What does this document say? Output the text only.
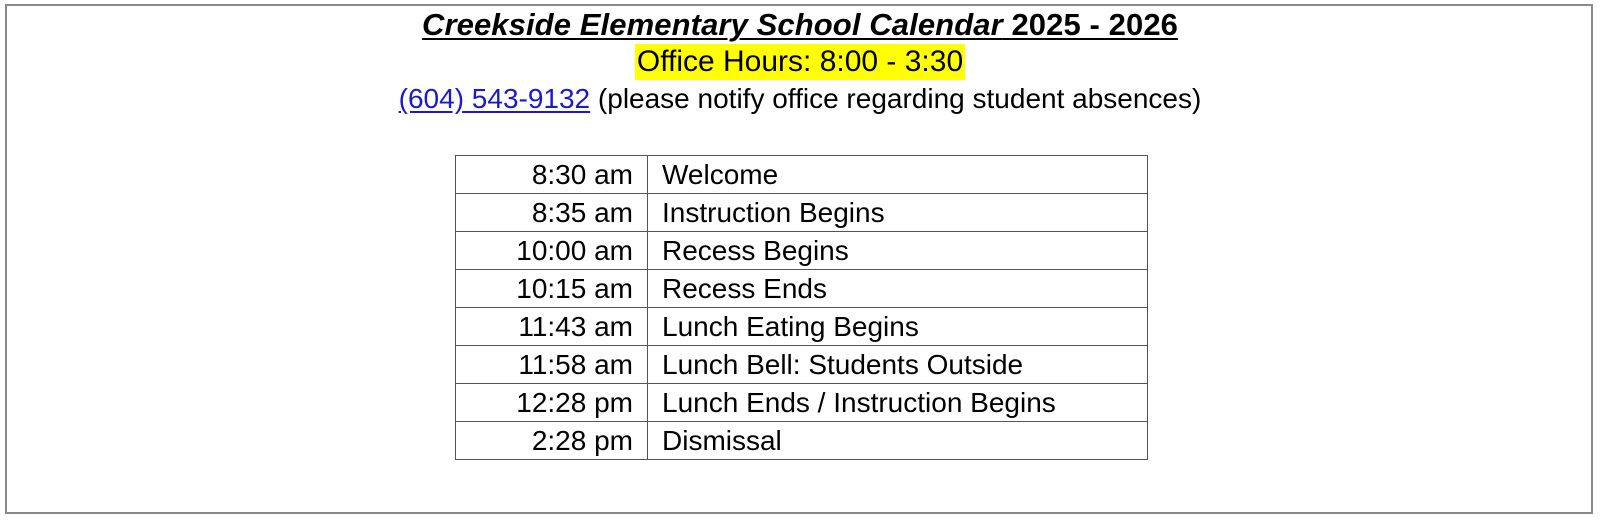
Creekside Elementary School Calendar 2025 - 2026
Office Hours: 8:00 - 3:30
(604) 543-9132 (please notify office regarding student absences)
8:30 am	Welcome
8:35 am	Instruction Begins
10:00 am	Recess Begins
10:15 am	Recess Ends
11:43 am	Lunch Eating Begins
11:58 am	Lunch Bell: Students Outside
12:28 pm	Lunch Ends / Instruction Begins
2:28 pm	Dismissal
